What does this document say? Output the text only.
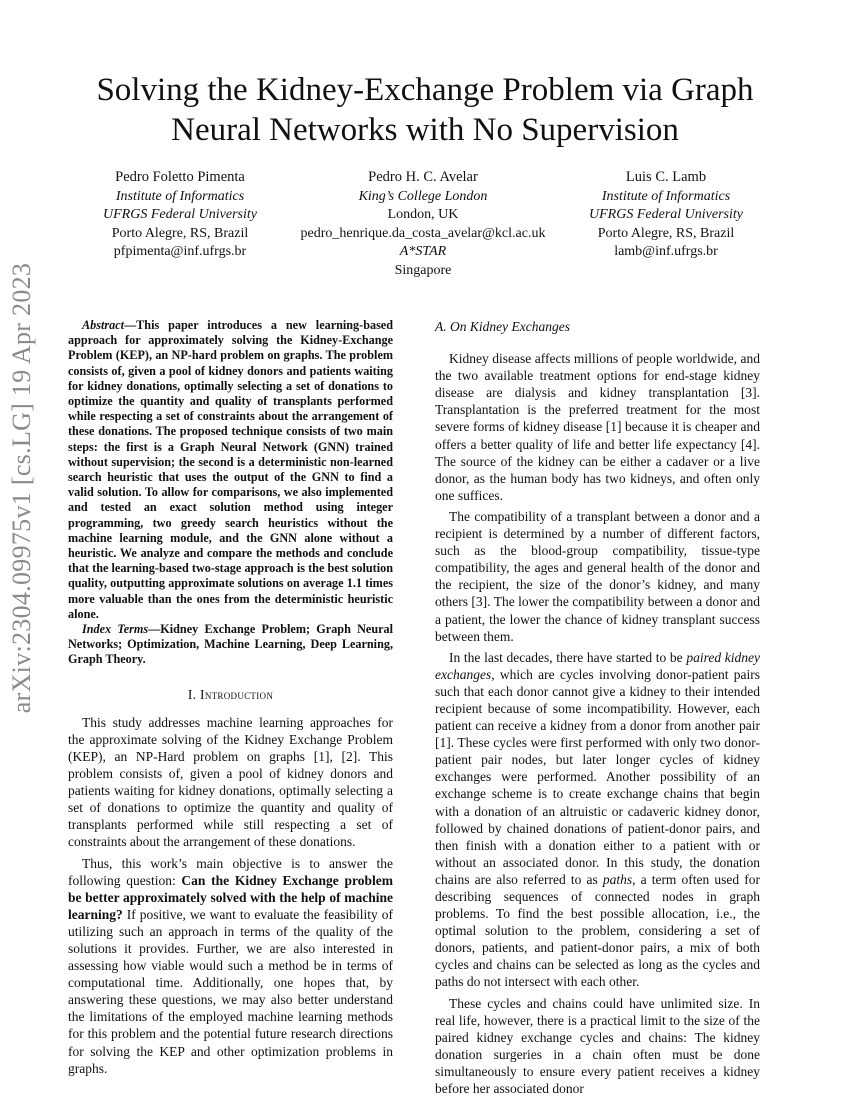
arXiv:2304.09975v1 [cs.LG] 19 Apr 2023
Solving the Kidney-Exchange Problem via Graph Neural Networks with No Supervision
Pedro Foletto Pimenta
Institute of Informatics
UFRGS Federal University
Porto Alegre, RS, Brazil
pfpimenta@inf.ufrgs.br
Pedro H. C. Avelar
King’s College London
London, UK
pedro_henrique.da_costa_avelar@kcl.ac.uk
A*STAR
Singapore
Luis C. Lamb
Institute of Informatics
UFRGS Federal University
Porto Alegre, RS, Brazil
lamb@inf.ufrgs.br

Abstract—This paper introduces a new learning-based approach for approximately solving the Kidney-Exchange Problem (KEP), an NP-hard problem on graphs. The problem consists of, given a pool of kidney donors and patients waiting for kidney donations, optimally selecting a set of donations to optimize the quantity and quality of transplants performed while respecting a set of constraints about the arrangement of these donations. The proposed technique consists of two main steps: the first is a Graph Neural Network (GNN) trained without supervision; the second is a deterministic non-learned search heuristic that uses the output of the GNN to find a valid solution. To allow for comparisons, we also implemented and tested an exact solution method using integer programming, two greedy search heuristics without the machine learning module, and the GNN alone without a heuristic. We analyze and compare the methods and conclude that the learning-based two-stage approach is the best solution quality, outputting approximate solutions on average 1.1 times more valuable than the ones from the deterministic heuristic alone.

Index Terms—Kidney Exchange Problem; Graph Neural Networks; Optimization, Machine Learning, Deep Learning, Graph Theory.

I. Introduction

This study addresses machine learning approaches for the approximate solving of the Kidney Exchange Problem (KEP), an NP-Hard problem on graphs [1], [2]. This problem consists of, given a pool of kidney donors and patients waiting for kidney donations, optimally selecting a set of donations to optimize the quantity and quality of transplants performed while still respecting a set of constraints about the arrangement of these donations.

Thus, this work’s main objective is to answer the following question: Can the Kidney Exchange problem be better approximately solved with the help of machine learning? If positive, we want to evaluate the feasibility of utilizing such an approach in terms of the quality of the solutions it provides. Further, we are also interested in assessing how viable would such a method be in terms of computational time. Additionally, one hopes that, by answering these questions, we may also better understand the limitations of the employed machine learning methods for this problem and the potential future research directions for solving the KEP and other optimization problems in graphs.

A. On Kidney Exchanges

Kidney disease affects millions of people worldwide, and the two available treatment options for end-stage kidney disease are dialysis and kidney transplantation [3]. Transplantation is the preferred treatment for the most severe forms of kidney disease [1] because it is cheaper and offers a better quality of life and better life expectancy [4]. The source of the kidney can be either a cadaver or a live donor, as the human body has two kidneys, and often only one suffices.

The compatibility of a transplant between a donor and a recipient is determined by a number of different factors, such as the blood-group compatibility, tissue-type compatibility, the ages and general health of the donor and the recipient, the size of the donor’s kidney, and many others [3]. The lower the compatibility between a donor and a patient, the lower the chance of kidney transplant success between them.

In the last decades, there have started to be paired kidney exchanges, which are cycles involving donor-patient pairs such that each donor cannot give a kidney to their intended recipient because of some incompatibility. However, each patient can receive a kidney from a donor from another pair [1]. These cycles were first performed with only two donor-patient pair nodes, but later longer cycles of kidney exchanges were performed. Another possibility of an exchange scheme is to create exchange chains that begin with a donation of an altruistic or cadaveric kidney donor, followed by chained donations of patient-donor pairs, and then finish with a donation either to a patient with or without an associated donor. In this study, the donation chains are also referred to as paths, a term often used for describing sequences of connected nodes in graph problems. To find the best possible allocation, i.e., the optimal solution to the problem, considering a set of donors, patients, and patient-donor pairs, a mix of both cycles and chains can be selected as long as the cycles and paths do not intersect with each other.

These cycles and chains could have unlimited size. In real life, however, there is a practical limit to the size of the paired kidney exchange cycles and chains: The kidney donation surgeries in a chain often must be done simultaneously to ensure every patient receives a kidney before her associated donor
